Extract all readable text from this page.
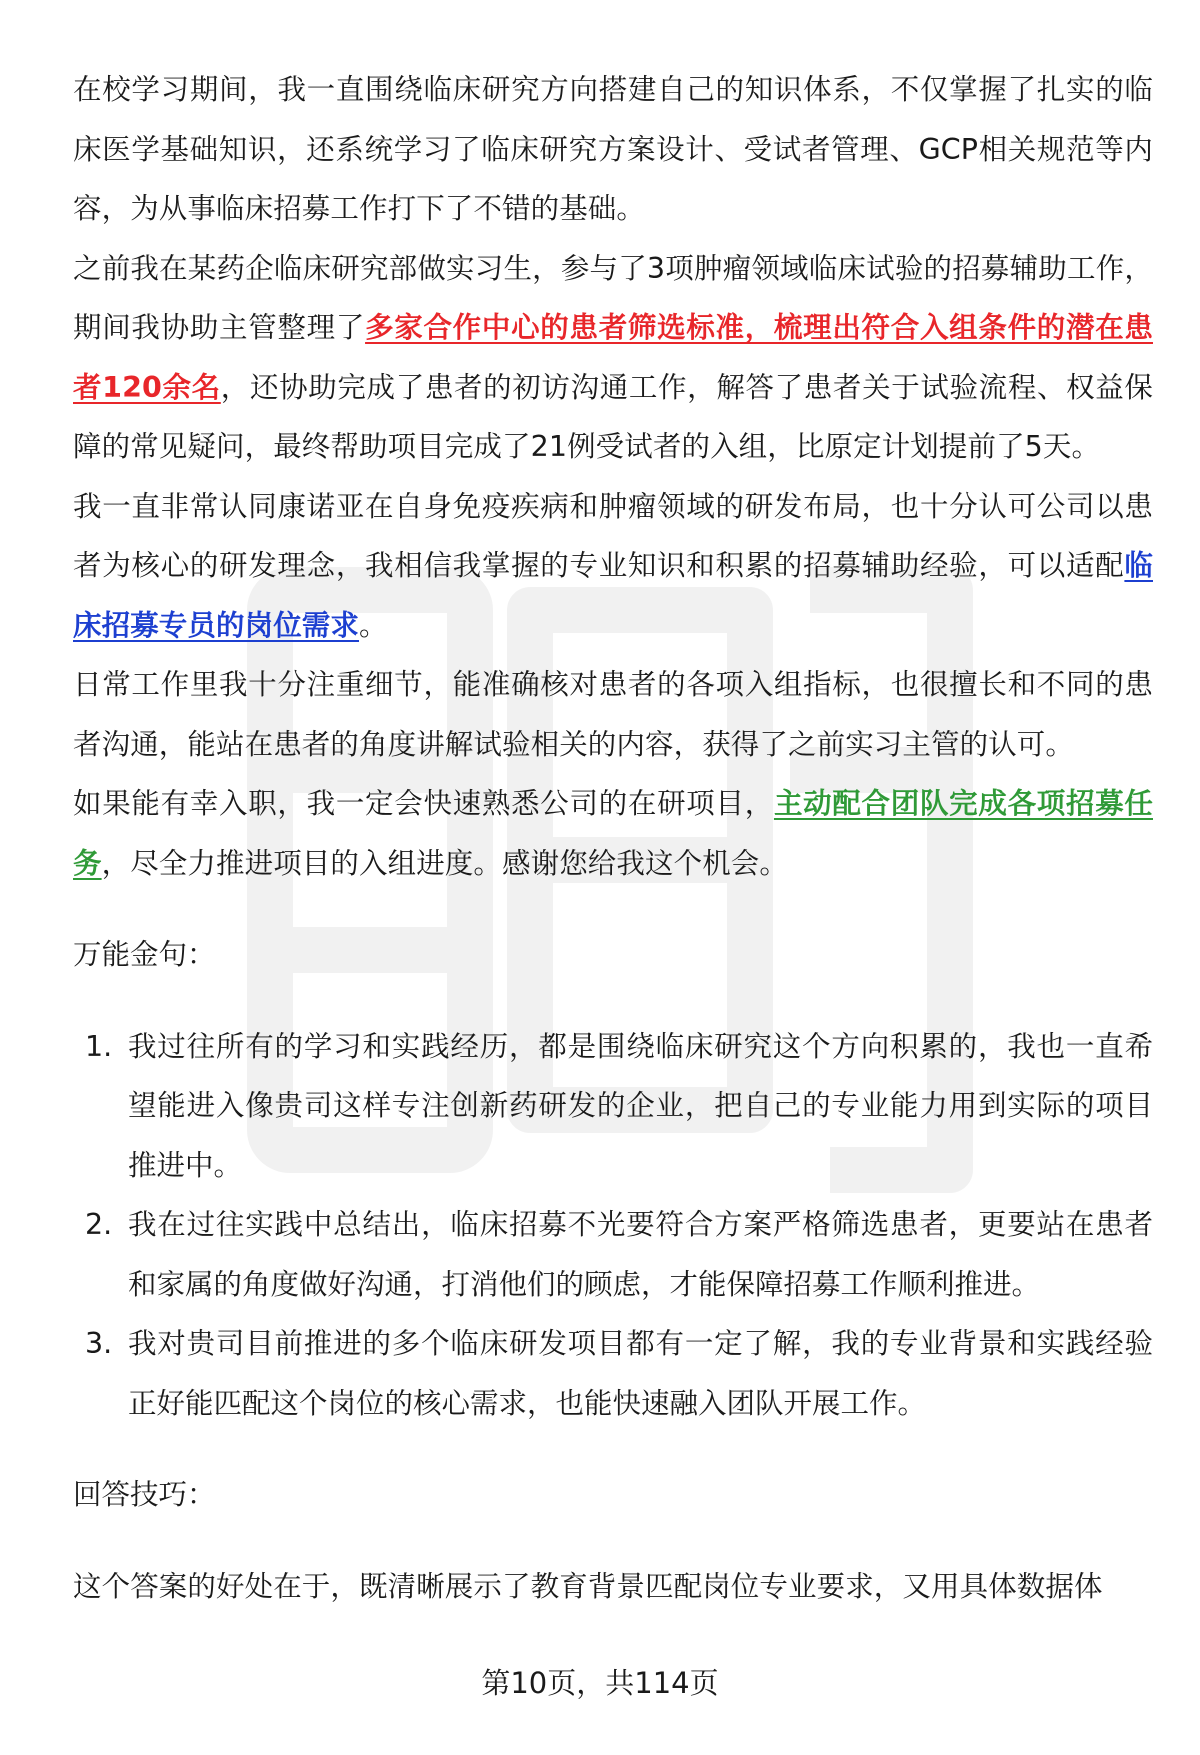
在校学习期间，我一直围绕临床研究方向搭建自己的知识体系，不仅掌握了扎实的临床医学基础知识，还系统学习了临床研究方案设计、受试者管理、GCP相关规范等内容，为从事临床招募工作打下了不错的基础。

之前我在某药企临床研究部做实习生，参与了3项肿瘤领域临床试验的招募辅助工作，期间我协助主管整理了多家合作中心的患者筛选标准，梳理出符合入组条件的潜在患者120余名，还协助完成了患者的初访沟通工作，解答了患者关于试验流程、权益保障的常见疑问，最终帮助项目完成了21例受试者的入组，比原定计划提前了5天。

我一直非常认同康诺亚在自身免疫疾病和肿瘤领域的研发布局，也十分认可公司以患者为核心的研发理念，我相信我掌握的专业知识和积累的招募辅助经验，可以适配临床招募专员的岗位需求。

日常工作里我十分注重细节，能准确核对患者的各项入组指标，也很擅长和不同的患者沟通，能站在患者的角度讲解试验相关的内容，获得了之前实习主管的认可。

如果能有幸入职，我一定会快速熟悉公司的在研项目，主动配合团队完成各项招募任务，尽全力推进项目的入组进度。感谢您给我这个机会。

万能金句：

1. 我过往所有的学习和实践经历，都是围绕临床研究这个方向积累的，我也一直希望能进入像贵司这样专注创新药研发的企业，把自己的专业能力用到实际的项目推进中。
2. 我在过往实践中总结出，临床招募不光要符合方案严格筛选患者，更要站在患者和家属的角度做好沟通，打消他们的顾虑，才能保障招募工作顺利推进。
3. 我对贵司目前推进的多个临床研发项目都有一定了解，我的专业背景和实践经验正好能匹配这个岗位的核心需求，也能快速融入团队开展工作。

回答技巧：

这个答案的好处在于，既清晰展示了教育背景匹配岗位专业要求，又用具体数据体

第10页，共114页
